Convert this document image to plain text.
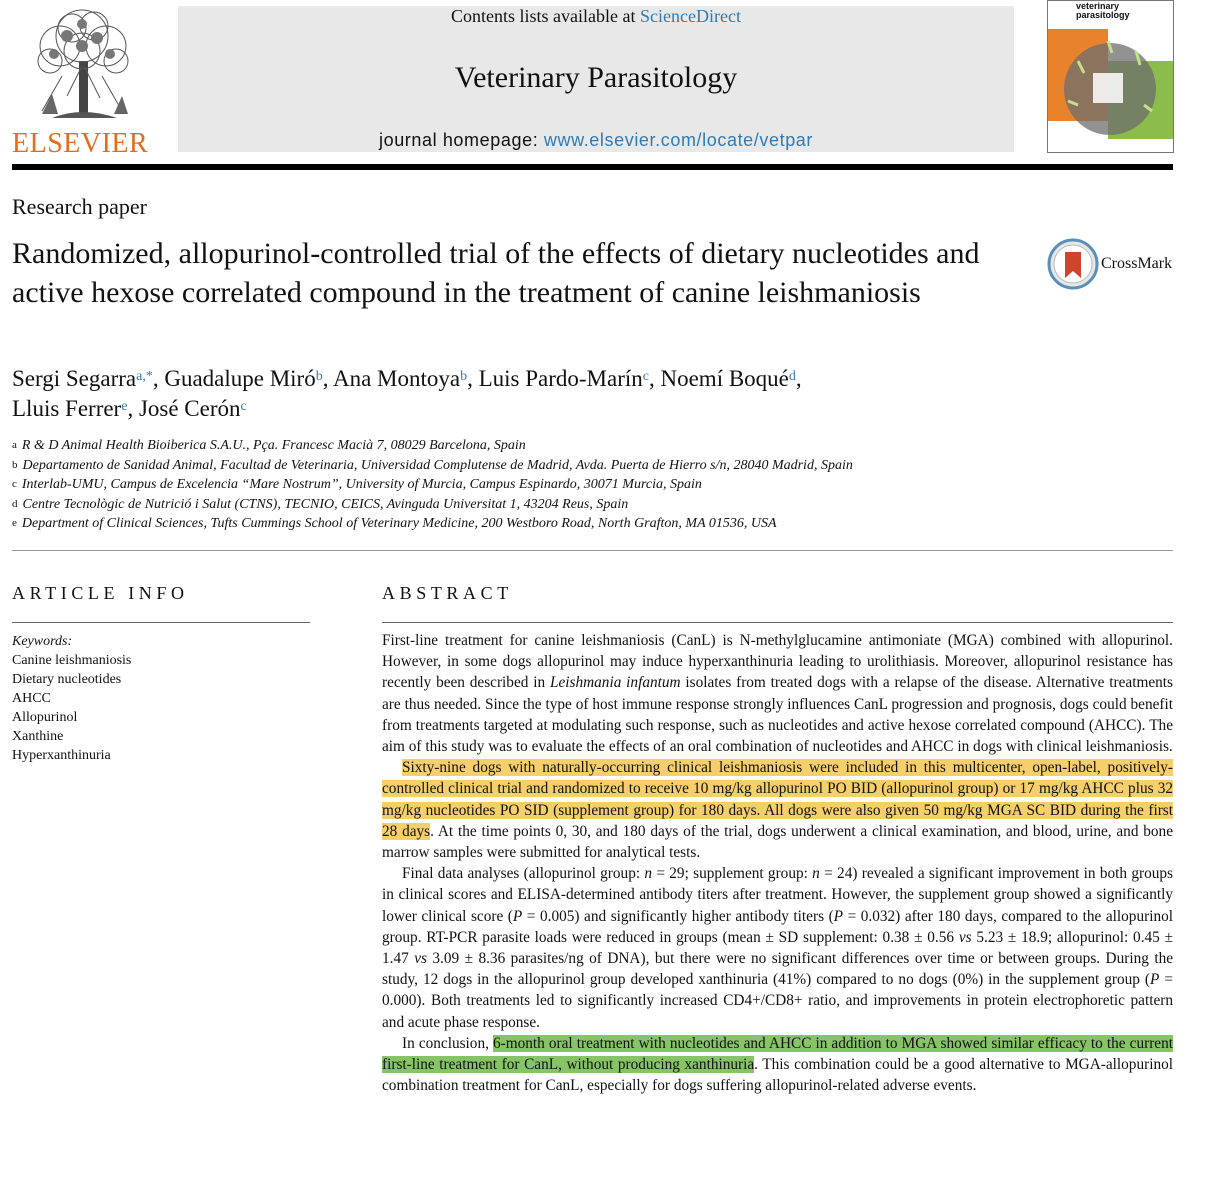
ELSEVIER
Contents lists available at ScienceDirect
Veterinary Parasitology
journal homepage: www.elsevier.com/locate/vetpar
veterinary
parasitology
Research paper
Randomized, allopurinol-controlled trial of the effects of dietary nucleotides and active hexose correlated compound in the treatment of canine leishmaniosis
CrossMark
Sergi Segarra$^{a,*}$, Guadalupe Miró$^b$, Ana Montoya$^b$, Luis Pardo-Marín$^c$, Noemí Boqué$^d$,
Lluis Ferrer$^e$, José Cerón$^c$
$^a$ R & D Animal Health Bioiberica S.A.U., Pça. Francesc Macià 7, 08029 Barcelona, Spain
$^b$ Departamento de Sanidad Animal, Facultad de Veterinaria, Universidad Complutense de Madrid, Avda. Puerta de Hierro s/n, 28040 Madrid, Spain
$^c$ Interlab-UMU, Campus de Excelencia “Mare Nostrum”, University of Murcia, Campus Espinardo, 30071 Murcia, Spain
$^d$ Centre Tecnològic de Nutrició i Salut (CTNS), TECNIO, CEICS, Avinguda Universitat 1, 43204 Reus, Spain
$^e$ Department of Clinical Sciences, Tufts Cummings School of Veterinary Medicine, 200 Westboro Road, North Grafton, MA 01536, USA
ARTICLE INFO
Keywords:
Canine leishmaniosis
Dietary nucleotides
AHCC
Allopurinol
Xanthine
Hyperxanthinuria
ABSTRACT

First-line treatment for canine leishmaniosis (CanL) is N-methylglucamine antimoniate (MGA) combined with allopurinol. However, in some dogs allopurinol may induce hyperxanthinuria leading to urolithiasis. Moreover, allopurinol resistance has recently been described in Leishmania infantum isolates from treated dogs with a relapse of the disease. Alternative treatments are thus needed. Since the type of host immune response strongly influences CanL progression and prognosis, dogs could benefit from treatments targeted at modulating such response, such as nucleotides and active hexose correlated compound (AHCC). The aim of this study was to evaluate the effects of an oral combination of nucleotides and AHCC in dogs with clinical leishmaniosis.

Sixty-nine dogs with naturally-occurring clinical leishmaniosis were included in this multicenter, open-label, positively-controlled clinical trial and randomized to receive 10 mg/kg allopurinol PO BID (allopurinol group) or 17 mg/kg AHCC plus 32 mg/kg nucleotides PO SID (supplement group) for 180 days. All dogs were also given 50 mg/kg MGA SC BID during the first 28 days. At the time points 0, 30, and 180 days of the trial, dogs underwent a clinical examination, and blood, urine, and bone marrow samples were submitted for analytical tests.

Final data analyses (allopurinol group: n = 29; supplement group: n = 24) revealed a significant improvement in both groups in clinical scores and ELISA-determined antibody titers after treatment. However, the supplement group showed a significantly lower clinical score (P = 0.005) and significantly higher antibody titers (P = 0.032) after 180 days, compared to the allopurinol group. RT-PCR parasite loads were reduced in groups (mean ± SD supplement: 0.38 ± 0.56 vs 5.23 ± 18.9; allopurinol: 0.45 ± 1.47 vs 3.09 ± 8.36 parasites/ng of DNA), but there were no significant differences over time or between groups. During the study, 12 dogs in the allopurinol group developed xanthinuria (41%) compared to no dogs (0%) in the supplement group (P = 0.000). Both treatments led to significantly increased CD4+/CD8+ ratio, and improvements in protein electrophoretic pattern and acute phase response.

In conclusion, 6-month oral treatment with nucleotides and AHCC in addition to MGA showed similar efficacy to the current first-line treatment for CanL, without producing xanthinuria. This combination could be a good alternative to MGA-allopurinol combination treatment for CanL, especially for dogs suffering allopurinol-related adverse events.
